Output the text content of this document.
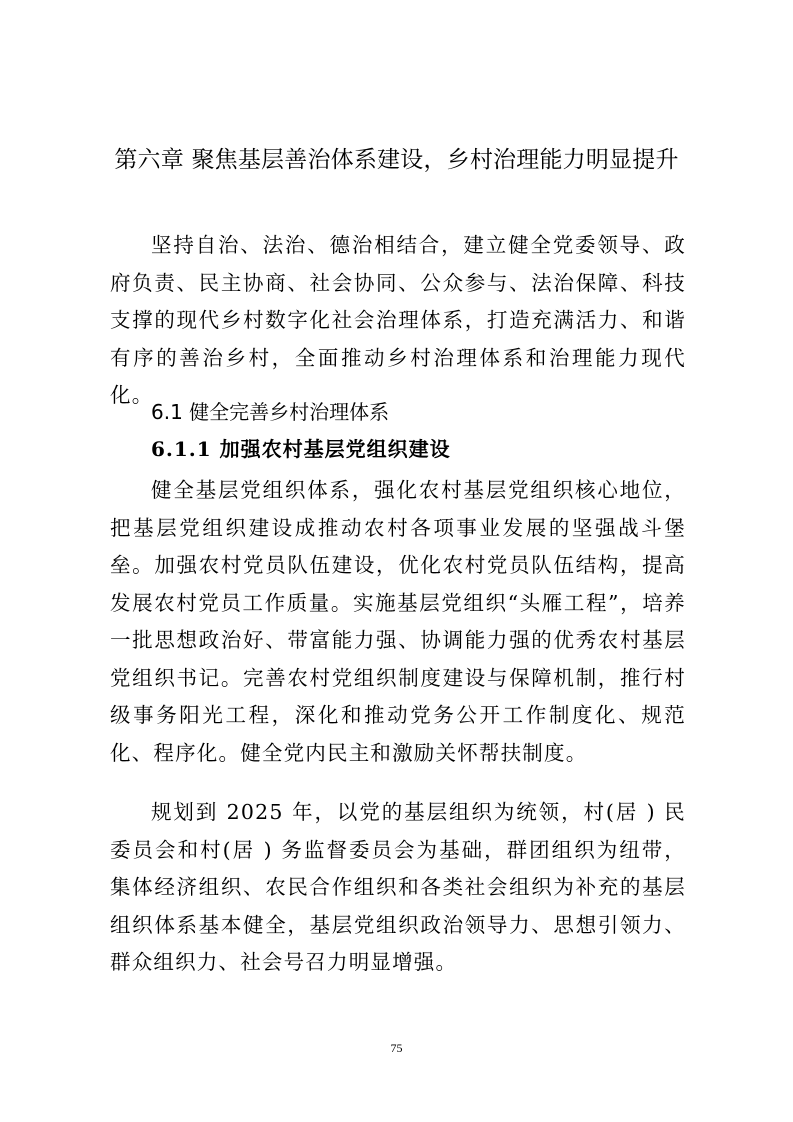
第六章 聚焦基层善治体系建设，乡村治理能力明显提升
坚持自治、法治、德治相结合，建立健全党委领导、政府负责、民主协商、社会协同、公众参与、法治保障、科技支撑的现代乡村数字化社会治理体系，打造充满活力、和谐有序的善治乡村，全面推动乡村治理体系和治理能力现代化。
6.1 健全完善乡村治理体系
6.1.1 加强农村基层党组织建设
健全基层党组织体系，强化农村基层党组织核心地位，把基层党组织建设成推动农村各项事业发展的坚强战斗堡垒。加强农村党员队伍建设，优化农村党员队伍结构，提高发展农村党员工作质量。实施基层党组织“头雁工程”，培养一批思想政治好、带富能力强、协调能力强的优秀农村基层党组织书记。完善农村党组织制度建设与保障机制，推行村级事务阳光工程，深化和推动党务公开工作制度化、规范化、程序化。健全党内民主和激励关怀帮扶制度。
规划到 2025 年，以党的基层组织为统领，村(居 ) 民委员会和村(居 ) 务监督委员会为基础，群团组织为纽带，集体经济组织、农民合作组织和各类社会组织为补充的基层组织体系基本健全，基层党组织政治领导力、思想引领力、群众组织力、社会号召力明显增强。
75
